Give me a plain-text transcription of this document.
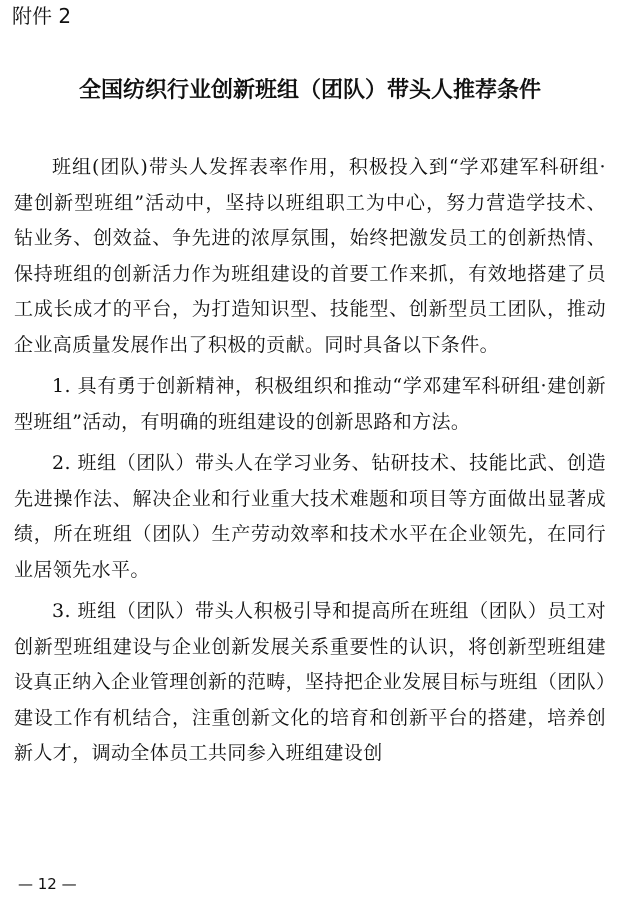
附件 2
全国纺织行业创新班组（团队）带头人推荐条件

班组(团队)带头人发挥表率作用，积极投入到“学邓建军科研组·建创新型班组”活动中，坚持以班组职工为中心，努力营造学技术、钻业务、创效益、争先进的浓厚氛围，始终把激发员工的创新热情、保持班组的创新活力作为班组建设的首要工作来抓，有效地搭建了员工成长成才的平台，为打造知识型、技能型、创新型员工团队，推动企业高质量发展作出了积极的贡献。同时具备以下条件。

1. 具有勇于创新精神，积极组织和推动“学邓建军科研组·建创新型班组”活动，有明确的班组建设的创新思路和方法。

2. 班组（团队）带头人在学习业务、钻研技术、技能比武、创造先进操作法、解决企业和行业重大技术难题和项目等方面做出显著成绩，所在班组（团队）生产劳动效率和技术水平在企业领先，在同行业居领先水平。

3. 班组（团队）带头人积极引导和提高所在班组（团队）员工对创新型班组建设与企业创新发展关系重要性的认识，将创新型班组建设真正纳入企业管理创新的范畴，坚持把企业发展目标与班组（团队）建设工作有机结合，注重创新文化的培育和创新平台的搭建，培养创新人才，调动全体员工共同参入班组建设创

— 12 —
